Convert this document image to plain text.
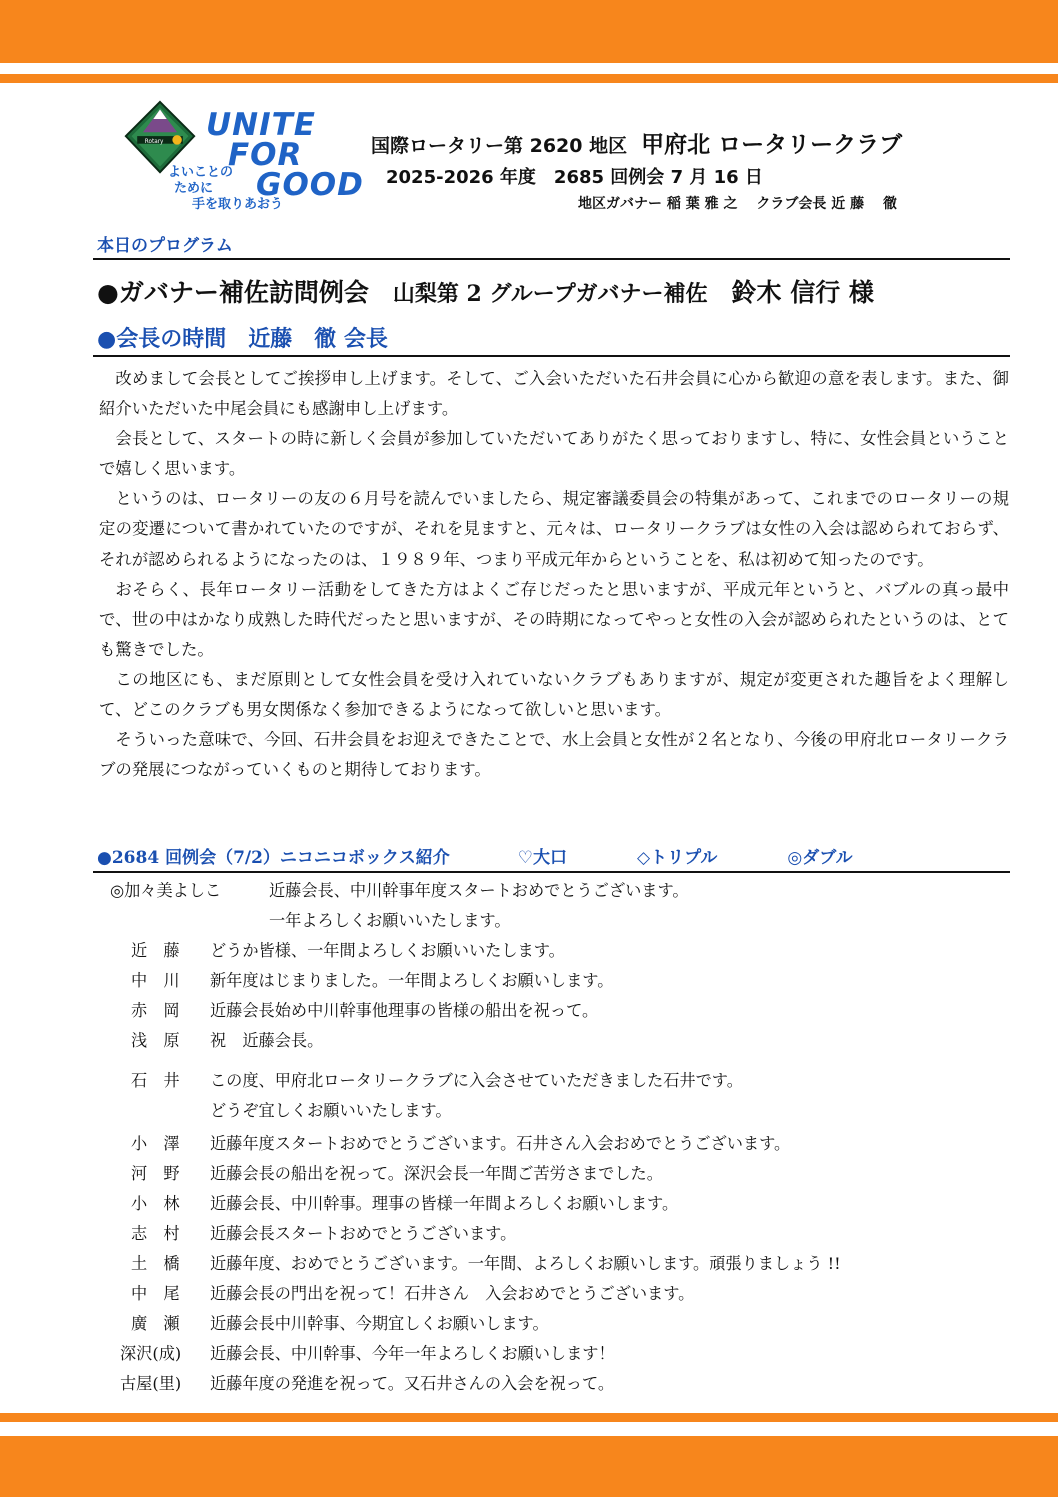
Rotary UNITE
FOR
GOOD
よいことの
ために
手を取りあおう
国際ロータリー第 2620 地区 甲府北 ロータリークラブ
2025-2026 年度　2685 回例会 7 月 16 日
地区ガバナー 稲 葉 雅 之　 クラブ会長 近 藤　 徹
本日のプログラム
●ガバナー補佐訪問例会 山梨第 2 グループガバナー補佐 鈴木 信行 様
●会長の時間　近藤　徹 会長

改めまして会長としてご挨拶申し上げます。そして、ご入会いただいた石井会員に心から歓迎の意を表します。また、御紹介いただいた中尾会員にも感謝申し上げます。

会長として、スタートの時に新しく会員が参加していただいてありがたく思っておりますし、特に、女性会員ということで嬉しく思います。

というのは、ロータリーの友の６月号を読んでいましたら、規定審議委員会の特集があって、これまでのロータリーの規定の変遷について書かれていたのですが、それを見ますと、元々は、ロータリークラブは女性の入会は認められておらず、それが認められるようになったのは、１９８９年、つまり平成元年からということを、私は初めて知ったのです。

おそらく、長年ロータリー活動をしてきた方はよくご存じだったと思いますが、平成元年というと、バブルの真っ最中で、世の中はかなり成熟した時代だったと思いますが、その時期になってやっと女性の入会が認められたというのは、とても驚きでした。

この地区にも、まだ原則として女性会員を受け入れていないクラブもありますが、規定が変更された趣旨をよく理解して、どこのクラブも男女関係なく参加できるようになって欲しいと思います。

そういった意味で、今回、石井会員をお迎えできたことで、水上会員と女性が２名となり、今後の甲府北ロータリークラブの発展につながっていくものと期待しております。

●2684 回例会（7/2）ニコニコボックス紹介	♡大口	◇トリプル	◎ダブル
◎加々美よしこ	近藤会長、中川幹事年度スタートおめでとうございます。
一年よろしくお願いいたします。
近　藤	どうか皆様、一年間よろしくお願いいたします。
中　川	新年度はじまりました。一年間よろしくお願いします。
赤　岡	近藤会長始め中川幹事他理事の皆様の船出を祝って。
浅　原	祝　近藤会長。
石　井	この度、甲府北ロータリークラブに入会させていただきました石井です。
どうぞ宜しくお願いいたします。
小　澤	近藤年度スタートおめでとうございます。石井さん入会おめでとうございます。
河　野	近藤会長の船出を祝って。深沢会長一年間ご苦労さまでした。
小　林	近藤会長、中川幹事。理事の皆様一年間よろしくお願いします。
志　村	近藤会長スタートおめでとうございます。
土　橋	近藤年度、おめでとうございます。一年間、よろしくお願いします。頑張りましょう !!
中　尾	近藤会長の門出を祝って！石井さん　入会おめでとうございます。
廣　瀬	近藤会長中川幹事、今期宜しくお願いします。
深沢(成)	近藤会長、中川幹事、今年一年よろしくお願いします！
古屋(里)	近藤年度の発進を祝って。又石井さんの入会を祝って。
